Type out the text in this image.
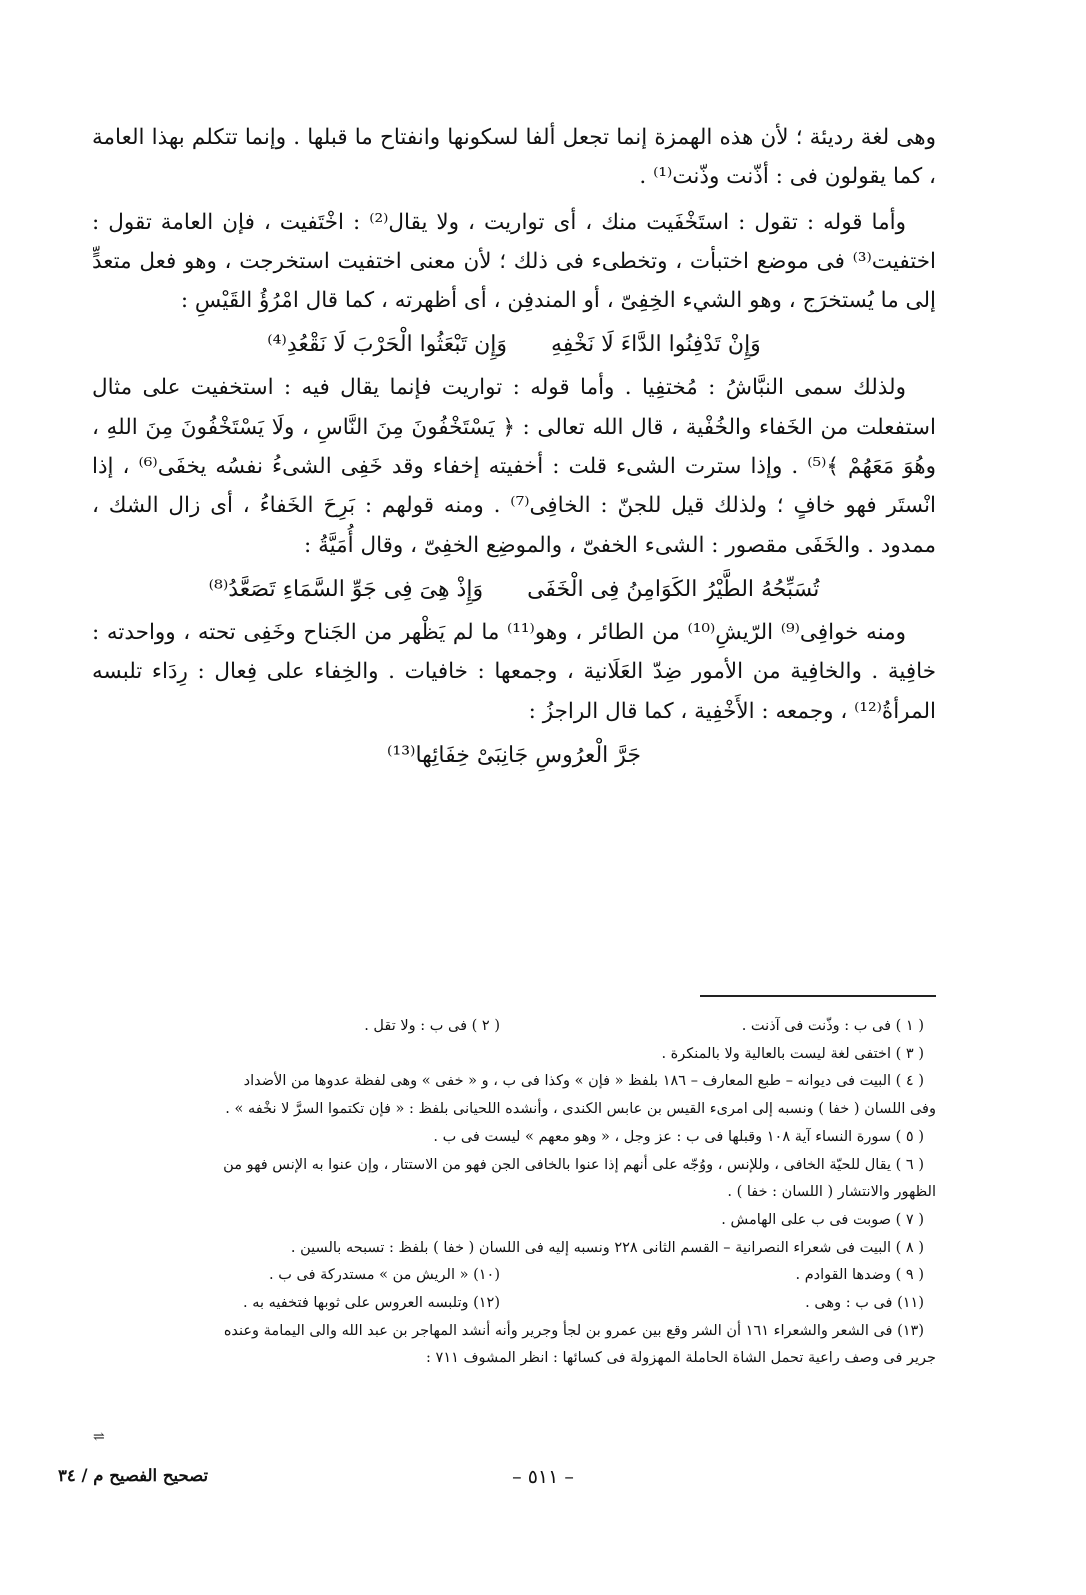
وهى لغة رديئة ؛ لأن هذه الهمزة إنما تجعل ألفا لسكونها وانفتاح ما قبلها . وإنما تتكلم بهذا العامة ، كما يقولون فى : أذّنت وذّنت⁽¹⁾ .

وأما قوله : تقول : استَخْفَيت منك ، أى تواريت ، ولا يقال⁽²⁾ : اخْتَفيت ، فإن العامة تقول : اختفيت⁽³⁾ فى موضع اختبأت ، وتخطىء فى ذلك ؛ لأن معنى اختفيت استخرجت ، وهو فعل متعدٍّ إلى ما يُستخرَج ، وهو الشيء الخِفِىّ ، أو المندفِن ، أى أظهرته ، كما قال امْرُؤُ القَيْسِ :

وَإِنْ تَدْفِنُوا الدَّاءَ لَا نَخْفِهِ
وَإِن تَبْعَثُوا الْحَرْبَ لَا نَقْعُدِ⁽⁴⁾

ولذلك سمى النبَّاشُ : مُختفِيا . وأما قوله : تواريت فإنما يقال فيه : استخفيت على مثال استفعلت من الخَفاء والخُفْية ، قال الله تعالى : ﴿ يَسْتَخْفُونَ مِنَ النَّاسِ ، ولَا يَسْتَخْفُونَ مِنَ اللهِ ، وهُوَ مَعَهُمْ ﴾⁽⁵⁾ . وإذا سترت الشىء قلت : أخفيته إخفاء وقد خَفِى الشىءُ نفسُه يخفَى⁽⁶⁾ ، إذا انْستَر فهو خافٍ ؛ ولذلك قيل للجنّ : الخافِى⁽⁷⁾ . ومنه قولهم : بَرِحَ الخَفاءُ ، أى زال الشك ، ممدود . والخَفَى مقصور : الشىء الخفىّ ، والموضِع الخفِىّ ، وقال أُمَيَّةُ :

تُسَبِّحُهُ الطَّيْرُ الكَوَامِنُ فِى الْخَفَى
وَإِذْ هِىَ فِى جَوِّ السَّمَاءِ تَصَعَّدُ⁽⁸⁾

ومنه خوافِى⁽⁹⁾ الرّيشِ⁽¹⁰⁾ من الطائر ، وهو⁽¹¹⁾ ما لم يَظْهر من الجَناح وخَفِى تحته ، وواحدته : خافِية . والخافِية من الأمور ضِدّ العَلَانية ، وجمعها : خافيات . والخِفاء على فِعال : رِدَاء تلبسه المرأةُ⁽¹²⁾ ، وجمعه : الأَخْفِية ، كما قال الراجزُ :

جَرَّ الْعرُوسِ جَانِبَىْ خِفَائِها⁽¹³⁾
( ١ ) فى ب : وذّنت فى آذنت .
( ٢ ) فى ب : ولا تقل .
( ٣ ) اختفى لغة ليست بالعالية ولا بالمنكرة .
( ٤ ) البيت فى ديوانه – طبع المعارف – ١٨٦ بلفظ « فإن » وكذا فى ب ، و « خفى » وهى لفظة عدوها من الأضداد
وفى اللسان ( خفا ) ونسبه إلى امرىء القيس بن عابس الكندى ، وأنشده اللحيانى بلفظ : « فإن تكتموا السرَّ لا نخْفه » .
( ٥ ) سورة النساء آية ١٠٨ وقبلها فى ب : عز وجل ، « وهو معهم » ليست فى ب .
( ٦ ) يقال للحيّة الخافى ، وللإنس ، ووُجّه على أنهم إذا عنوا بالخافى الجن فهو من الاستتار ، وإن عنوا به الإنس فهو من
الظهور والانتشار ( اللسان : خفا ) .
( ٧ ) صوبت فى ب على الهامش .
( ٨ ) البيت فى شعراء النصرانية – القسم الثانى ٢٢٨ ونسبه إليه فى اللسان ( خفا ) بلفظ : تسبحه بالسين .
( ٩ ) وضدها القوادم .
(١٠) « الريش من » مستدركة فى ب .
(١١) فى ب : وهى .
(١٢) وتلبسه العروس على ثوبها فتخفيه به .
(١٣) فى الشعر والشعراء ١٦١ أن الشر وقع بين عمرو بن لجأ وجرير وأنه أنشد المهاجر بن عبد الله والى اليمامة وعنده
جرير فى وصف راعية تحمل الشاة الحاملة المهزولة فى كسائها : انظر المشوف ٧١١ :
⇌
– ٥١١ –
تصحيح الفصيح م / ٣٤
